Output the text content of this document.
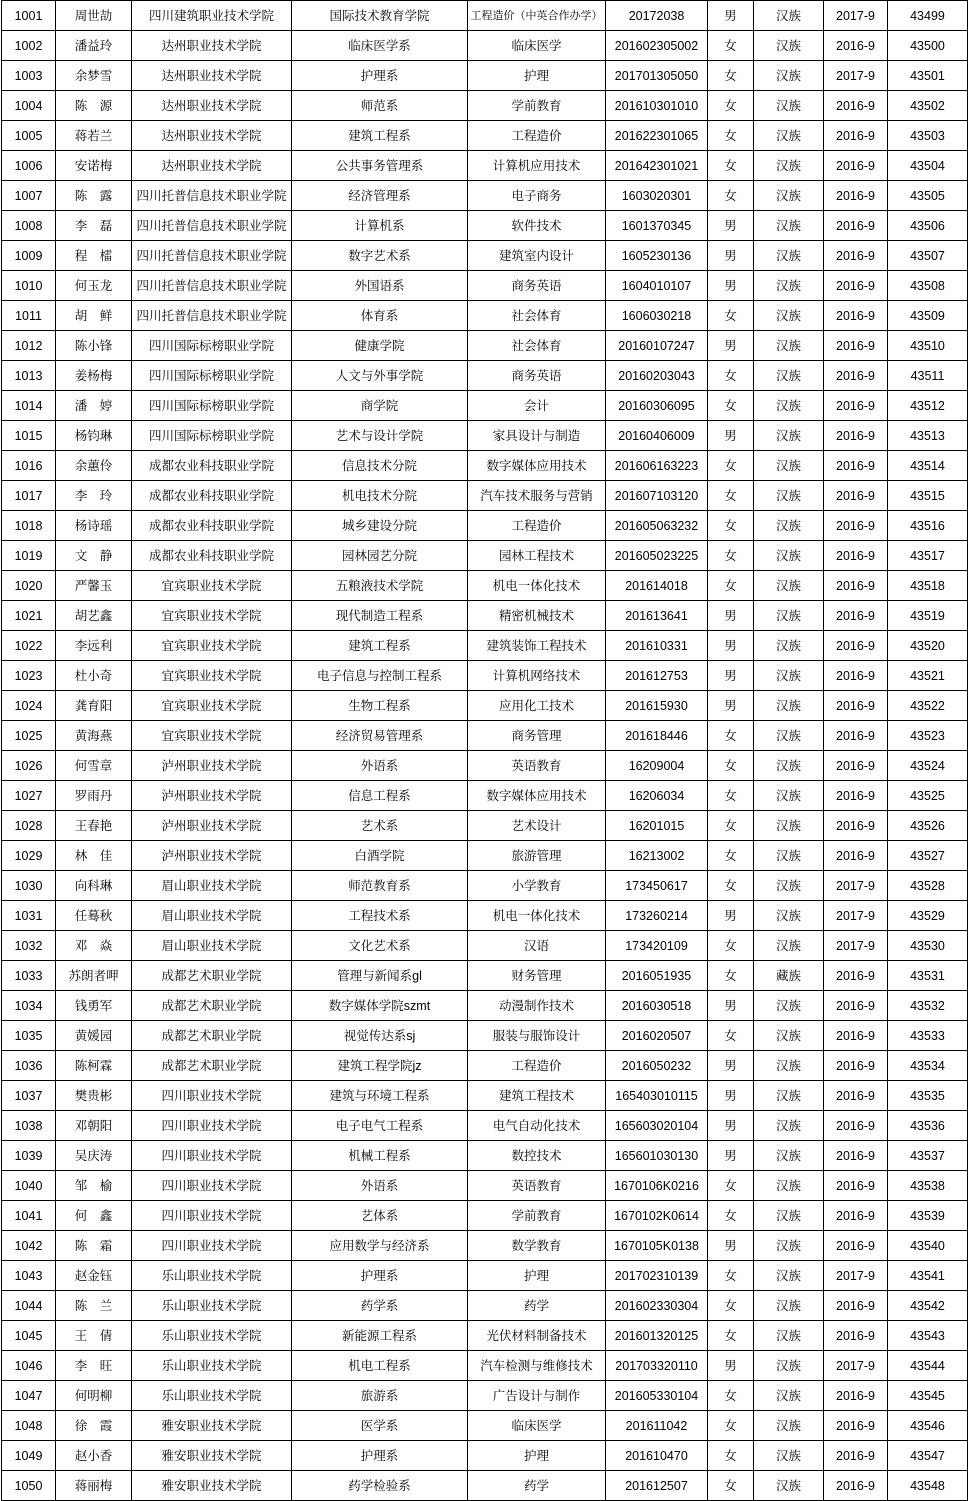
1001	周世劼	四川建筑职业技术学院	国际技术教育学院	工程造价（中英合作办学）	20172038	男	汉族	2017-9	43499
1002	潘益玲	达州职业技术学院	临床医学系	临床医学	201602305002	女	汉族	2016-9	43500
1003	余梦雪	达州职业技术学院	护理系	护理	201701305050	女	汉族	2017-9	43501
1004	陈　源	达州职业技术学院	师范系	学前教育	201610301010	女	汉族	2016-9	43502
1005	蒋若兰	达州职业技术学院	建筑工程系	工程造价	201622301065	女	汉族	2016-9	43503
1006	安诺梅	达州职业技术学院	公共事务管理系	计算机应用技术	201642301021	女	汉族	2016-9	43504
1007	陈　露	四川托普信息技术职业学院	经济管理系	电子商务	1603020301	女	汉族	2016-9	43505
1008	李　磊	四川托普信息技术职业学院	计算机系	软件技术	1601370345	男	汉族	2016-9	43506
1009	程　檑	四川托普信息技术职业学院	数字艺术系	建筑室内设计	1605230136	男	汉族	2016-9	43507
1010	何玉龙	四川托普信息技术职业学院	外国语系	商务英语	1604010107	男	汉族	2016-9	43508
1011	胡　鲜	四川托普信息技术职业学院	体育系	社会体育	1606030218	女	汉族	2016-9	43509
1012	陈小锋	四川国际标榜职业学院	健康学院	社会体育	20160107247	男	汉族	2016-9	43510
1013	姜杨梅	四川国际标榜职业学院	人文与外事学院	商务英语	20160203043	女	汉族	2016-9	43511
1014	潘　婷	四川国际标榜职业学院	商学院	会计	20160306095	女	汉族	2016-9	43512
1015	杨钧琳	四川国际标榜职业学院	艺术与设计学院	家具设计与制造	20160406009	男	汉族	2016-9	43513
1016	余蕙伶	成都农业科技职业学院	信息技术分院	数字媒体应用技术	201606163223	女	汉族	2016-9	43514
1017	李　玲	成都农业科技职业学院	机电技术分院	汽车技术服务与营销	201607103120	女	汉族	2016-9	43515
1018	杨诗瑶	成都农业科技职业学院	城乡建设分院	工程造价	201605063232	女	汉族	2016-9	43516
1019	文　静	成都农业科技职业学院	园林园艺分院	园林工程技术	201605023225	女	汉族	2016-9	43517
1020	严馨玉	宜宾职业技术学院	五粮液技术学院	机电一体化技术	201614018	女	汉族	2016-9	43518
1021	胡艺鑫	宜宾职业技术学院	现代制造工程系	精密机械技术	201613641	男	汉族	2016-9	43519
1022	李远利	宜宾职业技术学院	建筑工程系	建筑装饰工程技术	201610331	男	汉族	2016-9	43520
1023	杜小奇	宜宾职业技术学院	电子信息与控制工程系	计算机网络技术	201612753	男	汉族	2016-9	43521
1024	龚育阳	宜宾职业技术学院	生物工程系	应用化工技术	201615930	男	汉族	2016-9	43522
1025	黄海燕	宜宾职业技术学院	经济贸易管理系	商务管理	201618446	女	汉族	2016-9	43523
1026	何雪章	泸州职业技术学院	外语系	英语教育	16209004	女	汉族	2016-9	43524
1027	罗雨丹	泸州职业技术学院	信息工程系	数字媒体应用技术	16206034	女	汉族	2016-9	43525
1028	王春艳	泸州职业技术学院	艺术系	艺术设计	16201015	女	汉族	2016-9	43526
1029	林　佳	泸州职业技术学院	白酒学院	旅游管理	16213002	女	汉族	2016-9	43527
1030	向科琳	眉山职业技术学院	师范教育系	小学教育	173450617	女	汉族	2017-9	43528
1031	任蓦秋	眉山职业技术学院	工程技术系	机电一体化技术	173260214	男	汉族	2017-9	43529
1032	邓　焱	眉山职业技术学院	文化艺术系	汉语	173420109	女	汉族	2017-9	43530
1033	苏朗者呷	成都艺术职业学院	管理与新闻系gl	财务管理	2016051935	女	藏族	2016-9	43531
1034	钱勇军	成都艺术职业学院	数字媒体学院szmt	动漫制作技术	2016030518	男	汉族	2016-9	43532
1035	黄媛园	成都艺术职业学院	视觉传达系sj	服装与服饰设计	2016020507	女	汉族	2016-9	43533
1036	陈柯霖	成都艺术职业学院	建筑工程学院jz	工程造价	2016050232	男	汉族	2016-9	43534
1037	樊贵彬	四川职业技术学院	建筑与环境工程系	建筑工程技术	165403010115	男	汉族	2016-9	43535
1038	邓朝阳	四川职业技术学院	电子电气工程系	电气自动化技术	165603020104	男	汉族	2016-9	43536
1039	吴庆涛	四川职业技术学院	机械工程系	数控技术	165601030130	男	汉族	2016-9	43537
1040	邹　榆	四川职业技术学院	外语系	英语教育	1670106K0216	女	汉族	2016-9	43538
1041	何　鑫	四川职业技术学院	艺体系	学前教育	1670102K0614	女	汉族	2016-9	43539
1042	陈　霜	四川职业技术学院	应用数学与经济系	数学教育	1670105K0138	男	汉族	2016-9	43540
1043	赵金钰	乐山职业技术学院	护理系	护理	201702310139	女	汉族	2017-9	43541
1044	陈　兰	乐山职业技术学院	药学系	药学	201602330304	女	汉族	2016-9	43542
1045	王　倩	乐山职业技术学院	新能源工程系	光伏材料制备技术	201601320125	女	汉族	2016-9	43543
1046	李　旺	乐山职业技术学院	机电工程系	汽车检测与维修技术	201703320110	男	汉族	2017-9	43544
1047	何明柳	乐山职业技术学院	旅游系	广告设计与制作	201605330104	女	汉族	2016-9	43545
1048	徐　霞	雅安职业技术学院	医学系	临床医学	201611042	女	汉族	2016-9	43546
1049	赵小香	雅安职业技术学院	护理系	护理	201610470	女	汉族	2016-9	43547
1050	蒋丽梅	雅安职业技术学院	药学检验系	药学	201612507	女	汉族	2016-9	43548
